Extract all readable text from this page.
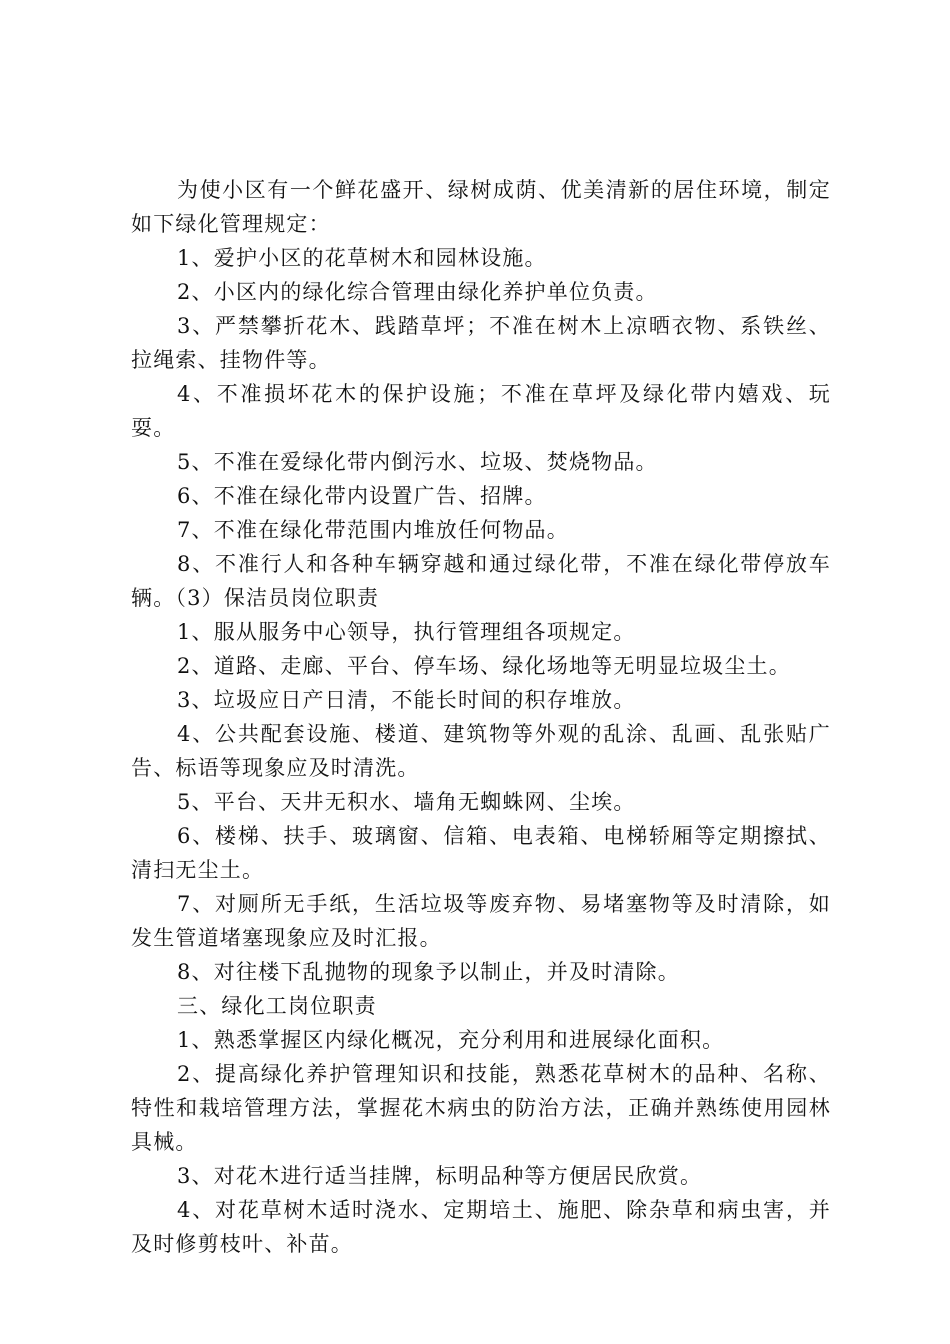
为使小区有一个鲜花盛开、绿树成荫、优美清新的居住环境，制定如下绿化管理规定：

1、爱护小区的花草树木和园林设施。

2、小区内的绿化综合管理由绿化养护单位负责。

3、严禁攀折花木、践踏草坪；不准在树木上凉晒衣物、系铁丝、拉绳索、挂物件等。

4、不准损坏花木的保护设施；不准在草坪及绿化带内嬉戏、玩耍。

5、不准在爱绿化带内倒污水、垃圾、焚烧物品。

6、不准在绿化带内设置广告、招牌。

7、不准在绿化带范围内堆放任何物品。

8、不准行人和各种车辆穿越和通过绿化带，不准在绿化带停放车辆。（3）保洁员岗位职责

1、服从服务中心领导，执行管理组各项规定。

2、道路、走廊、平台、停车场、绿化场地等无明显垃圾尘土。

3、垃圾应日产日清，不能长时间的积存堆放。

4、公共配套设施、楼道、建筑物等外观的乱涂、乱画、乱张贴广告、标语等现象应及时清洗。

5、平台、天井无积水、墙角无蜘蛛网、尘埃。

6、楼梯、扶手、玻璃窗、信箱、电表箱、电梯轿厢等定期擦拭、清扫无尘土。

7、对厕所无手纸，生活垃圾等废弃物、易堵塞物等及时清除，如发生管道堵塞现象应及时汇报。

8、对往楼下乱抛物的现象予以制止，并及时清除。

三、绿化工岗位职责

1、熟悉掌握区内绿化概况，充分利用和进展绿化面积。

2、提高绿化养护管理知识和技能，熟悉花草树木的品种、名称、特性和栽培管理方法，掌握花木病虫的防治方法，正确并熟练使用园林具械。

3、对花木进行适当挂牌，标明品种等方便居民欣赏。

4、对花草树木适时浇水、定期培土、施肥、除杂草和病虫害，并及时修剪枝叶、补苗。
